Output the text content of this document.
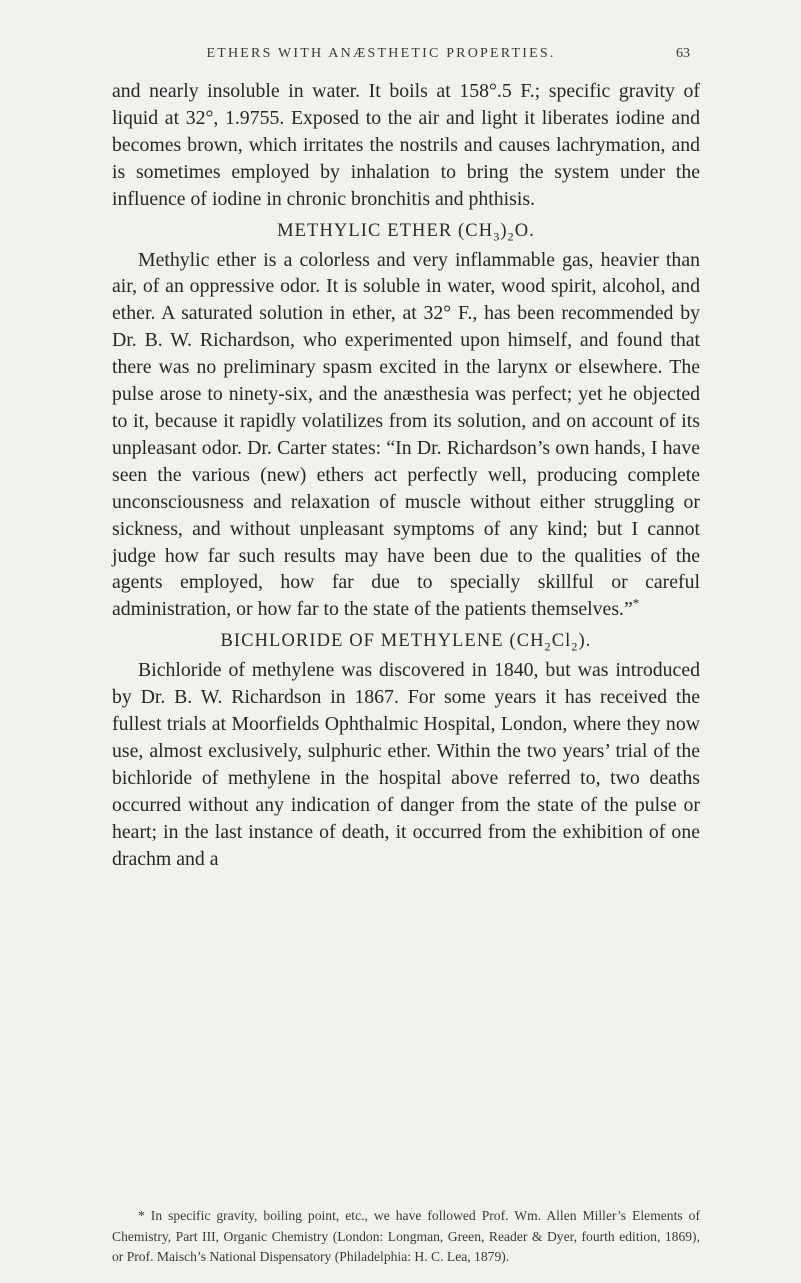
ETHERS WITH ANÆSTHETIC PROPERTIES.	63

and nearly insoluble in water. It boils at 158°.5 F.; specific gravity of liquid at 32°, 1.9755. Exposed to the air and light it liberates iodine and becomes brown, which irritates the nostrils and causes lachrymation, and is sometimes employed by inhalation to bring the system under the influence of iodine in chronic bronchitis and phthisis.

METHYLIC ETHER $(CH_3)_2O$.

Methylic ether is a colorless and very inflammable gas, heavier than air, of an oppressive odor. It is soluble in water, wood spirit, alcohol, and ether. A saturated solution in ether, at 32° F., has been recommended by Dr. B. W. Richardson, who experimented upon himself, and found that there was no preliminary spasm excited in the larynx or elsewhere. The pulse arose to ninety-six, and the anæsthesia was perfect; yet he objected to it, because it rapidly volatilizes from its solution, and on account of its unpleasant odor. Dr. Carter states: “In Dr. Richardson’s own hands, I have seen the various (new) ethers act perfectly well, producing complete unconsciousness and relaxation of muscle without either struggling or sickness, and without unpleasant symptoms of any kind; but I cannot judge how far such results may have been due to the qualities of the agents employed, how far due to specially skillful or careful administration, or how far to the state of the patients themselves.”*

BICHLORIDE OF METHYLENE $(CH_2Cl_2)$.

Bichloride of methylene was discovered in 1840, but was introduced by Dr. B. W. Richardson in 1867. For some years it has received the fullest trials at Moorfields Ophthalmic Hospital, London, where they now use, almost exclusively, sulphuric ether. Within the two years’ trial of the bichloride of methylene in the hospital above referred to, two deaths occurred without any indication of danger from the state of the pulse or heart; in the last instance of death, it occurred from the exhibition of one drachm and a

* In specific gravity, boiling point, etc., we have followed Prof. Wm. Allen Miller’s Elements of Chemistry, Part III, Organic Chemistry (London: Longman, Green, Reader & Dyer, fourth edition, 1869), or Prof. Maisch’s National Dispensatory (Philadelphia: H. C. Lea, 1879).
